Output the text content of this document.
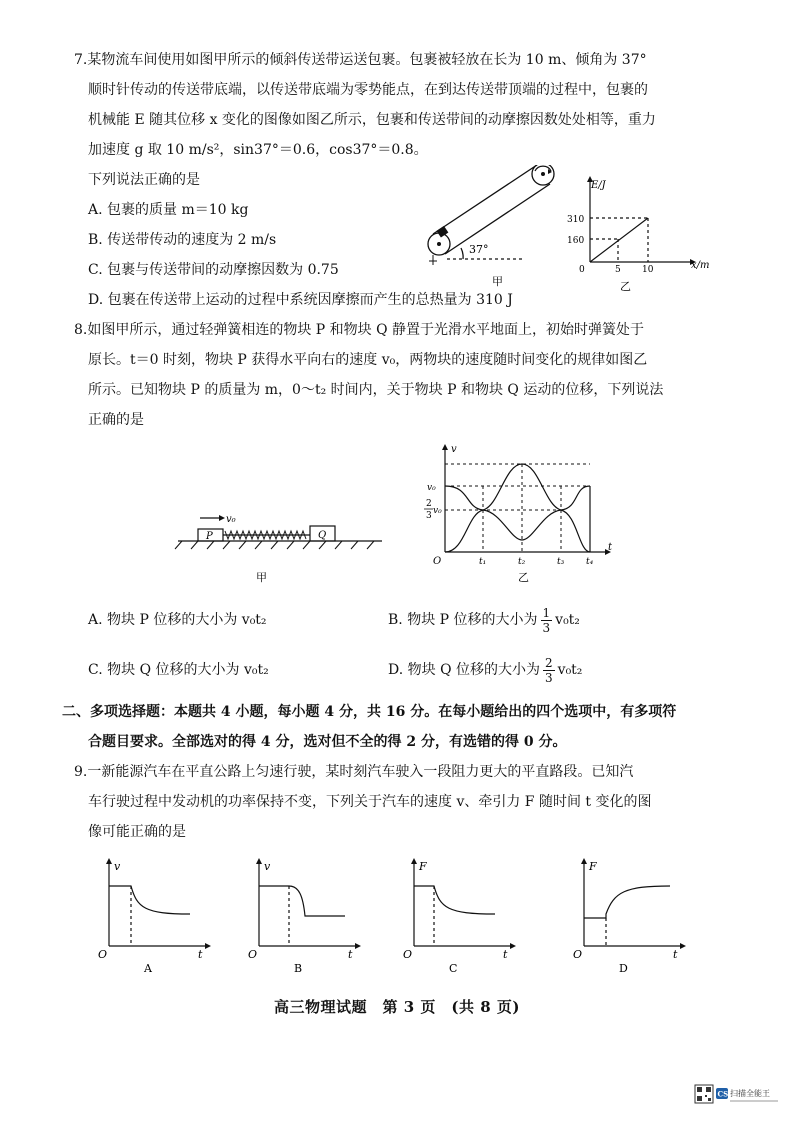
7.某物流车间使用如图甲所示的倾斜传送带运送包裹。包裹被轻放在长为 10 m、倾角为 37°
顺时针传动的传送带底端，以传送带底端为零势能点，在到达传送带顶端的过程中，包裹的
机械能 E 随其位移 x 变化的图像如图乙所示，包裹和传送带间的动摩擦因数处处相等，重力
加速度 g 取 10 m/s²，sin37°＝0.6，cos37°＝0.8。
下列说法正确的是
A. 包裹的质量 m＝10 kg
B. 传送带传动的速度为 2 m/s
C. 包裹与传送带间的动摩擦因数为 0.75
D. 包裹在传送带上运动的过程中系统因摩擦而产生的总热量为 310 J
37°
甲
E/J
x/m
0
310
160
5 10
乙
8.如图甲所示，通过轻弹簧相连的物块 P 和物块 Q 静置于光滑水平地面上，初始时弹簧处于
原长。t＝0 时刻，物块 P 获得水平向右的速度 v₀，两物块的速度随时间变化的规律如图乙
所示。已知物块 P 的质量为 m，0～t₂ 时间内，关于物块 P 和物块 Q 运动的位移，下列说法
正确的是
v₀
P	Q
甲
v
t
O
v₀
2
3 v₀
t₁	t₂	t₃ t₄
乙
A. 物块 P 位移的大小为 v₀t₂	B. 物块 P 位移的大小为 $\frac{1}{3} v_0t_2$
C. 物块 Q 位移的大小为 v₀t₂	D. 物块 Q 位移的大小为 $\frac{2}{3} v_0t_2$
二、多项选择题：本题共 4 小题，每小题 4 分，共 16 分。在每小题给出的四个选项中，有多项符
合题目要求。全部选对的得 4 分，选对但不全的得 2 分，有选错的得 0 分。
9.一新能源汽车在平直公路上匀速行驶，某时刻汽车驶入一段阻力更大的平直路段。已知汽
车行驶过程中发动机的功率保持不变，下列关于汽车的速度 v、牵引力 F 随时间 t 变化的图
像可能正确的是
v
t
O
A
v
t
O
B
F
t
O
C
F
t
O
D
高三物理试题　第 3 页　(共 8 页)
CS 扫描全能王
